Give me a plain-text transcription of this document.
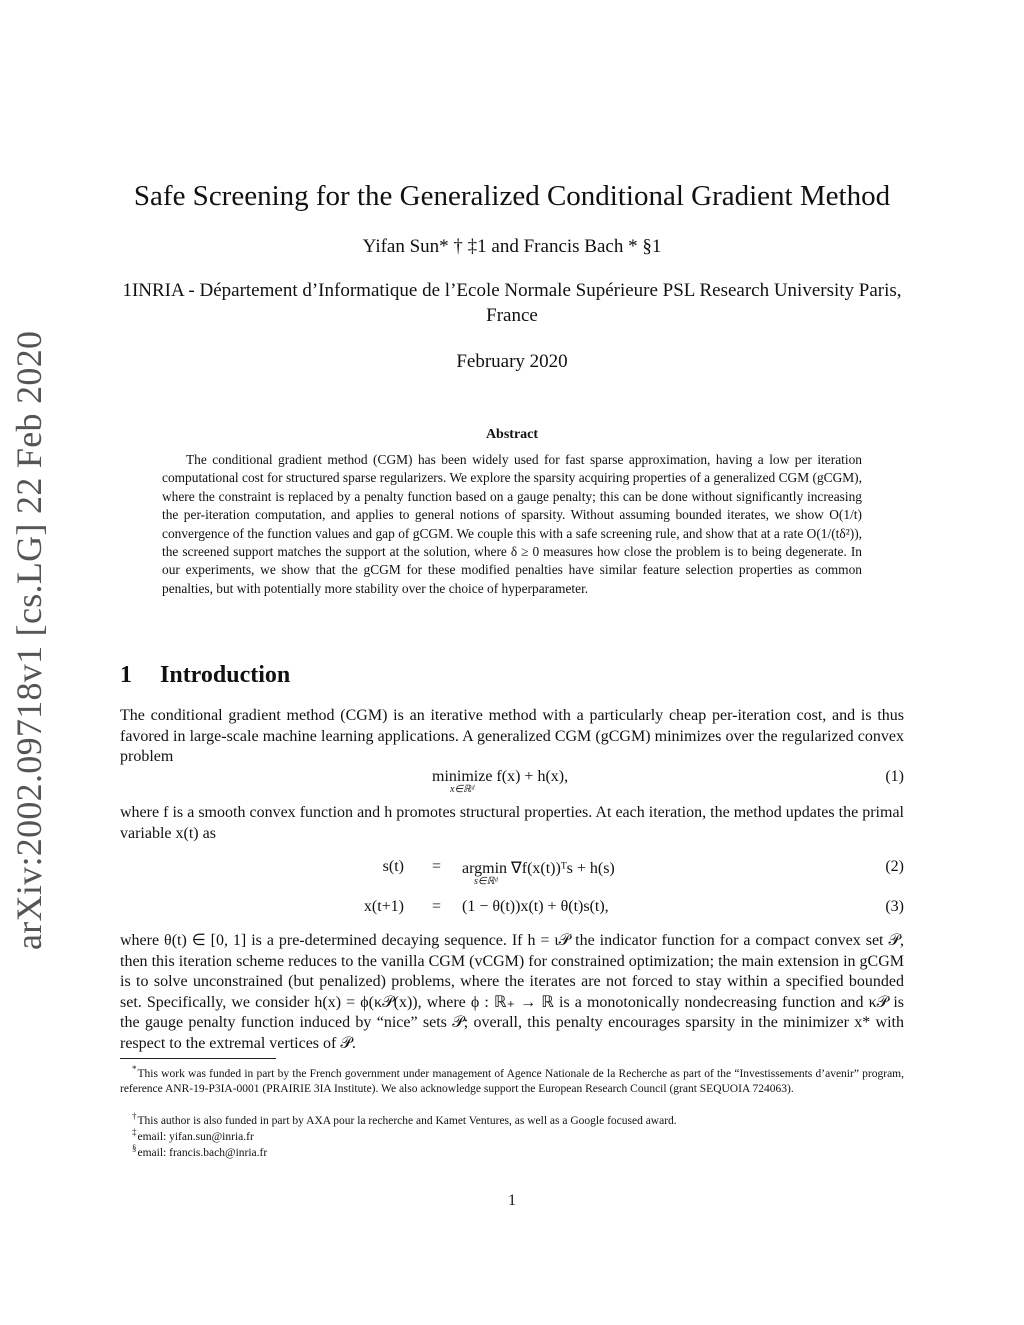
arXiv:2002.09718v1 [cs.LG] 22 Feb 2020
Safe Screening for the Generalized Conditional Gradient Method
Yifan Sun* † ‡1 and Francis Bach * §1
1INRIA - Département d’Informatique de l’Ecole Normale Supérieure PSL Research University Paris, France
February 2020
Abstract

The conditional gradient method (CGM) has been widely used for fast sparse approximation, having a low per iteration computational cost for structured sparse regularizers. We explore the sparsity acquiring properties of a generalized CGM (gCGM), where the constraint is replaced by a penalty function based on a gauge penalty; this can be done without significantly increasing the per-iteration computation, and applies to general notions of sparsity. Without assuming bounded iterates, we show O(1/t) convergence of the function values and gap of gCGM. We couple this with a safe screening rule, and show that at a rate O(1/(tδ²)), the screened support matches the support at the solution, where δ ≥ 0 measures how close the problem is to being degenerate. In our experiments, we show that the gCGM for these modified penalties have similar feature selection properties as common penalties, but with potentially more stability over the choice of hyperparameter.

1 Introduction

The conditional gradient method (CGM) is an iterative method with a particularly cheap per-iteration cost, and is thus favored in large-scale machine learning applications. A generalized CGM (gCGM) minimizes over the regularized convex problem

minimize f(x) + h(x),
x∈ℝᵈ
(1)

where f is a smooth convex function and h promotes structural properties. At each iteration, the method updates the primal variable x(t) as

s(t) = argmin ∇f(x(t))ᵀs + h(s)
s∈ℝᵈ
(2)
x(t+1) = (1 − θ(t))x(t) + θ(t)s(t),	(3)

where θ(t) ∈ [0, 1] is a pre-determined decaying sequence. If h = ι𝒫 the indicator function for a compact convex set 𝒫, then this iteration scheme reduces to the vanilla CGM (vCGM) for constrained optimization; the main extension in gCGM is to solve unconstrained (but penalized) problems, where the iterates are not forced to stay within a specified bounded set. Specifically, we consider h(x) = ϕ(κ𝒫(x)), where ϕ : ℝ₊ → ℝ is a monotonically nondecreasing function and κ𝒫 is the gauge penalty function induced by “nice” sets 𝒫; overall, this penalty encourages sparsity in the minimizer x* with respect to the extremal vertices of 𝒫.

*This work was funded in part by the French government under management of Agence Nationale de la Recherche as part of the “Investissements d’avenir” program, reference ANR-19-P3IA-0001 (PRAIRIE 3IA Institute). We also acknowledge support the European Research Council (grant SEQUOIA 724063).

†This author is also funded in part by AXA pour la recherche and Kamet Ventures, as well as a Google focused award.

‡email: yifan.sun@inria.fr

§email: francis.bach@inria.fr

1
